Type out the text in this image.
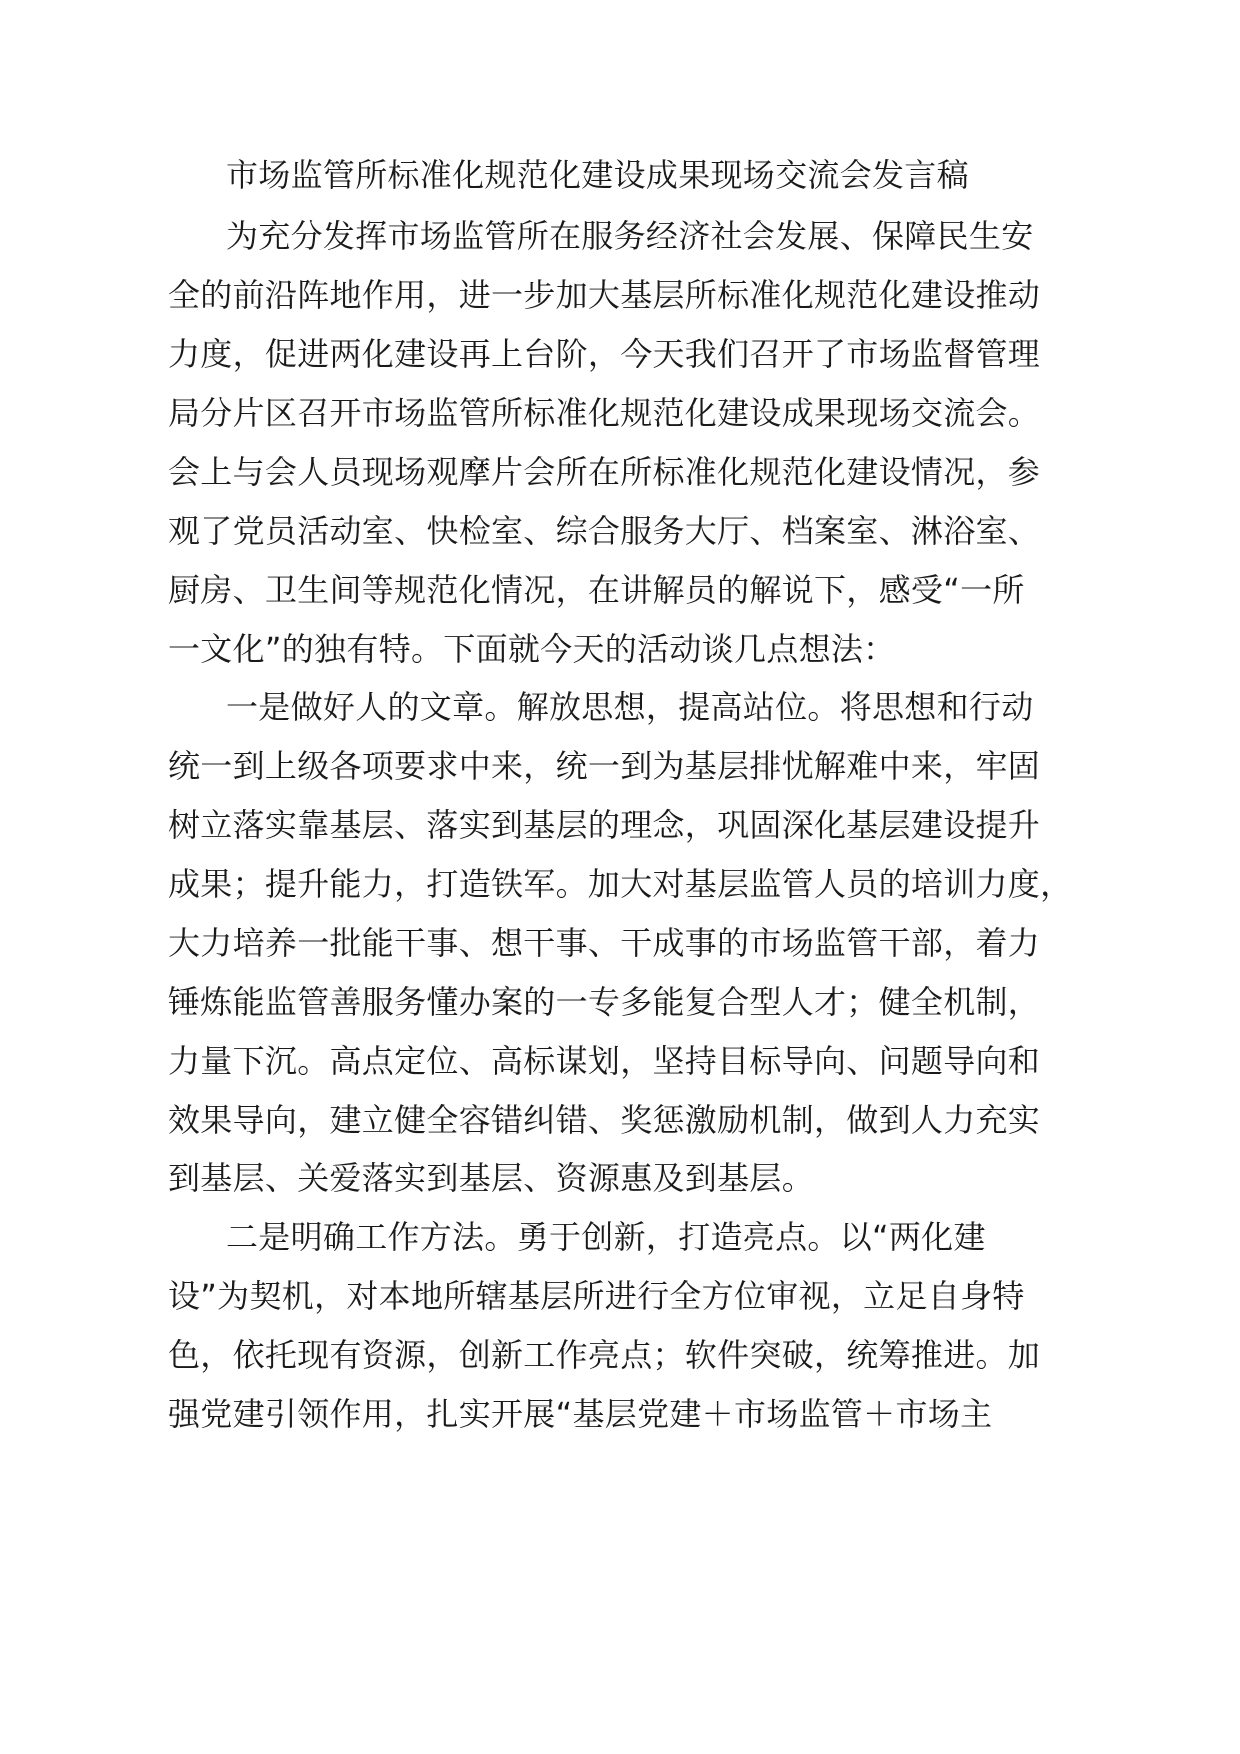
市场监管所标准化规范化建设成果现场交流会发言稿
为充分发挥市场监管所在服务经济社会发展、保障民生安
全的前沿阵地作用，进一步加大基层所标准化规范化建设推动
力度，促进两化建设再上台阶，今天我们召开了市场监督管理
局分片区召开市场监管所标准化规范化建设成果现场交流会。
会上与会人员现场观摩片会所在所标准化规范化建设情况，参
观了党员活动室、快检室、综合服务大厅、档案室、淋浴室、
厨房、卫生间等规范化情况，在讲解员的解说下，感受“一所
一文化”的独有特。下面就今天的活动谈几点想法：
一是做好人的文章。解放思想，提高站位。将思想和行动
统一到上级各项要求中来，统一到为基层排忧解难中来，牢固
树立落实靠基层、落实到基层的理念，巩固深化基层建设提升
成果；提升能力，打造铁军。加大对基层监管人员的培训力度，
大力培养一批能干事、想干事、干成事的市场监管干部，着力
锤炼能监管善服务懂办案的一专多能复合型人才；健全机制，
力量下沉。高点定位、高标谋划，坚持目标导向、问题导向和
效果导向，建立健全容错纠错、奖惩激励机制，做到人力充实
到基层、关爱落实到基层、资源惠及到基层。
二是明确工作方法。勇于创新，打造亮点。以“两化建
设”为契机，对本地所辖基层所进行全方位审视，立足自身特
色，依托现有资源，创新工作亮点；软件突破，统筹推进。加
强党建引领作用，扎实开展“基层党建＋市场监管＋市场主
